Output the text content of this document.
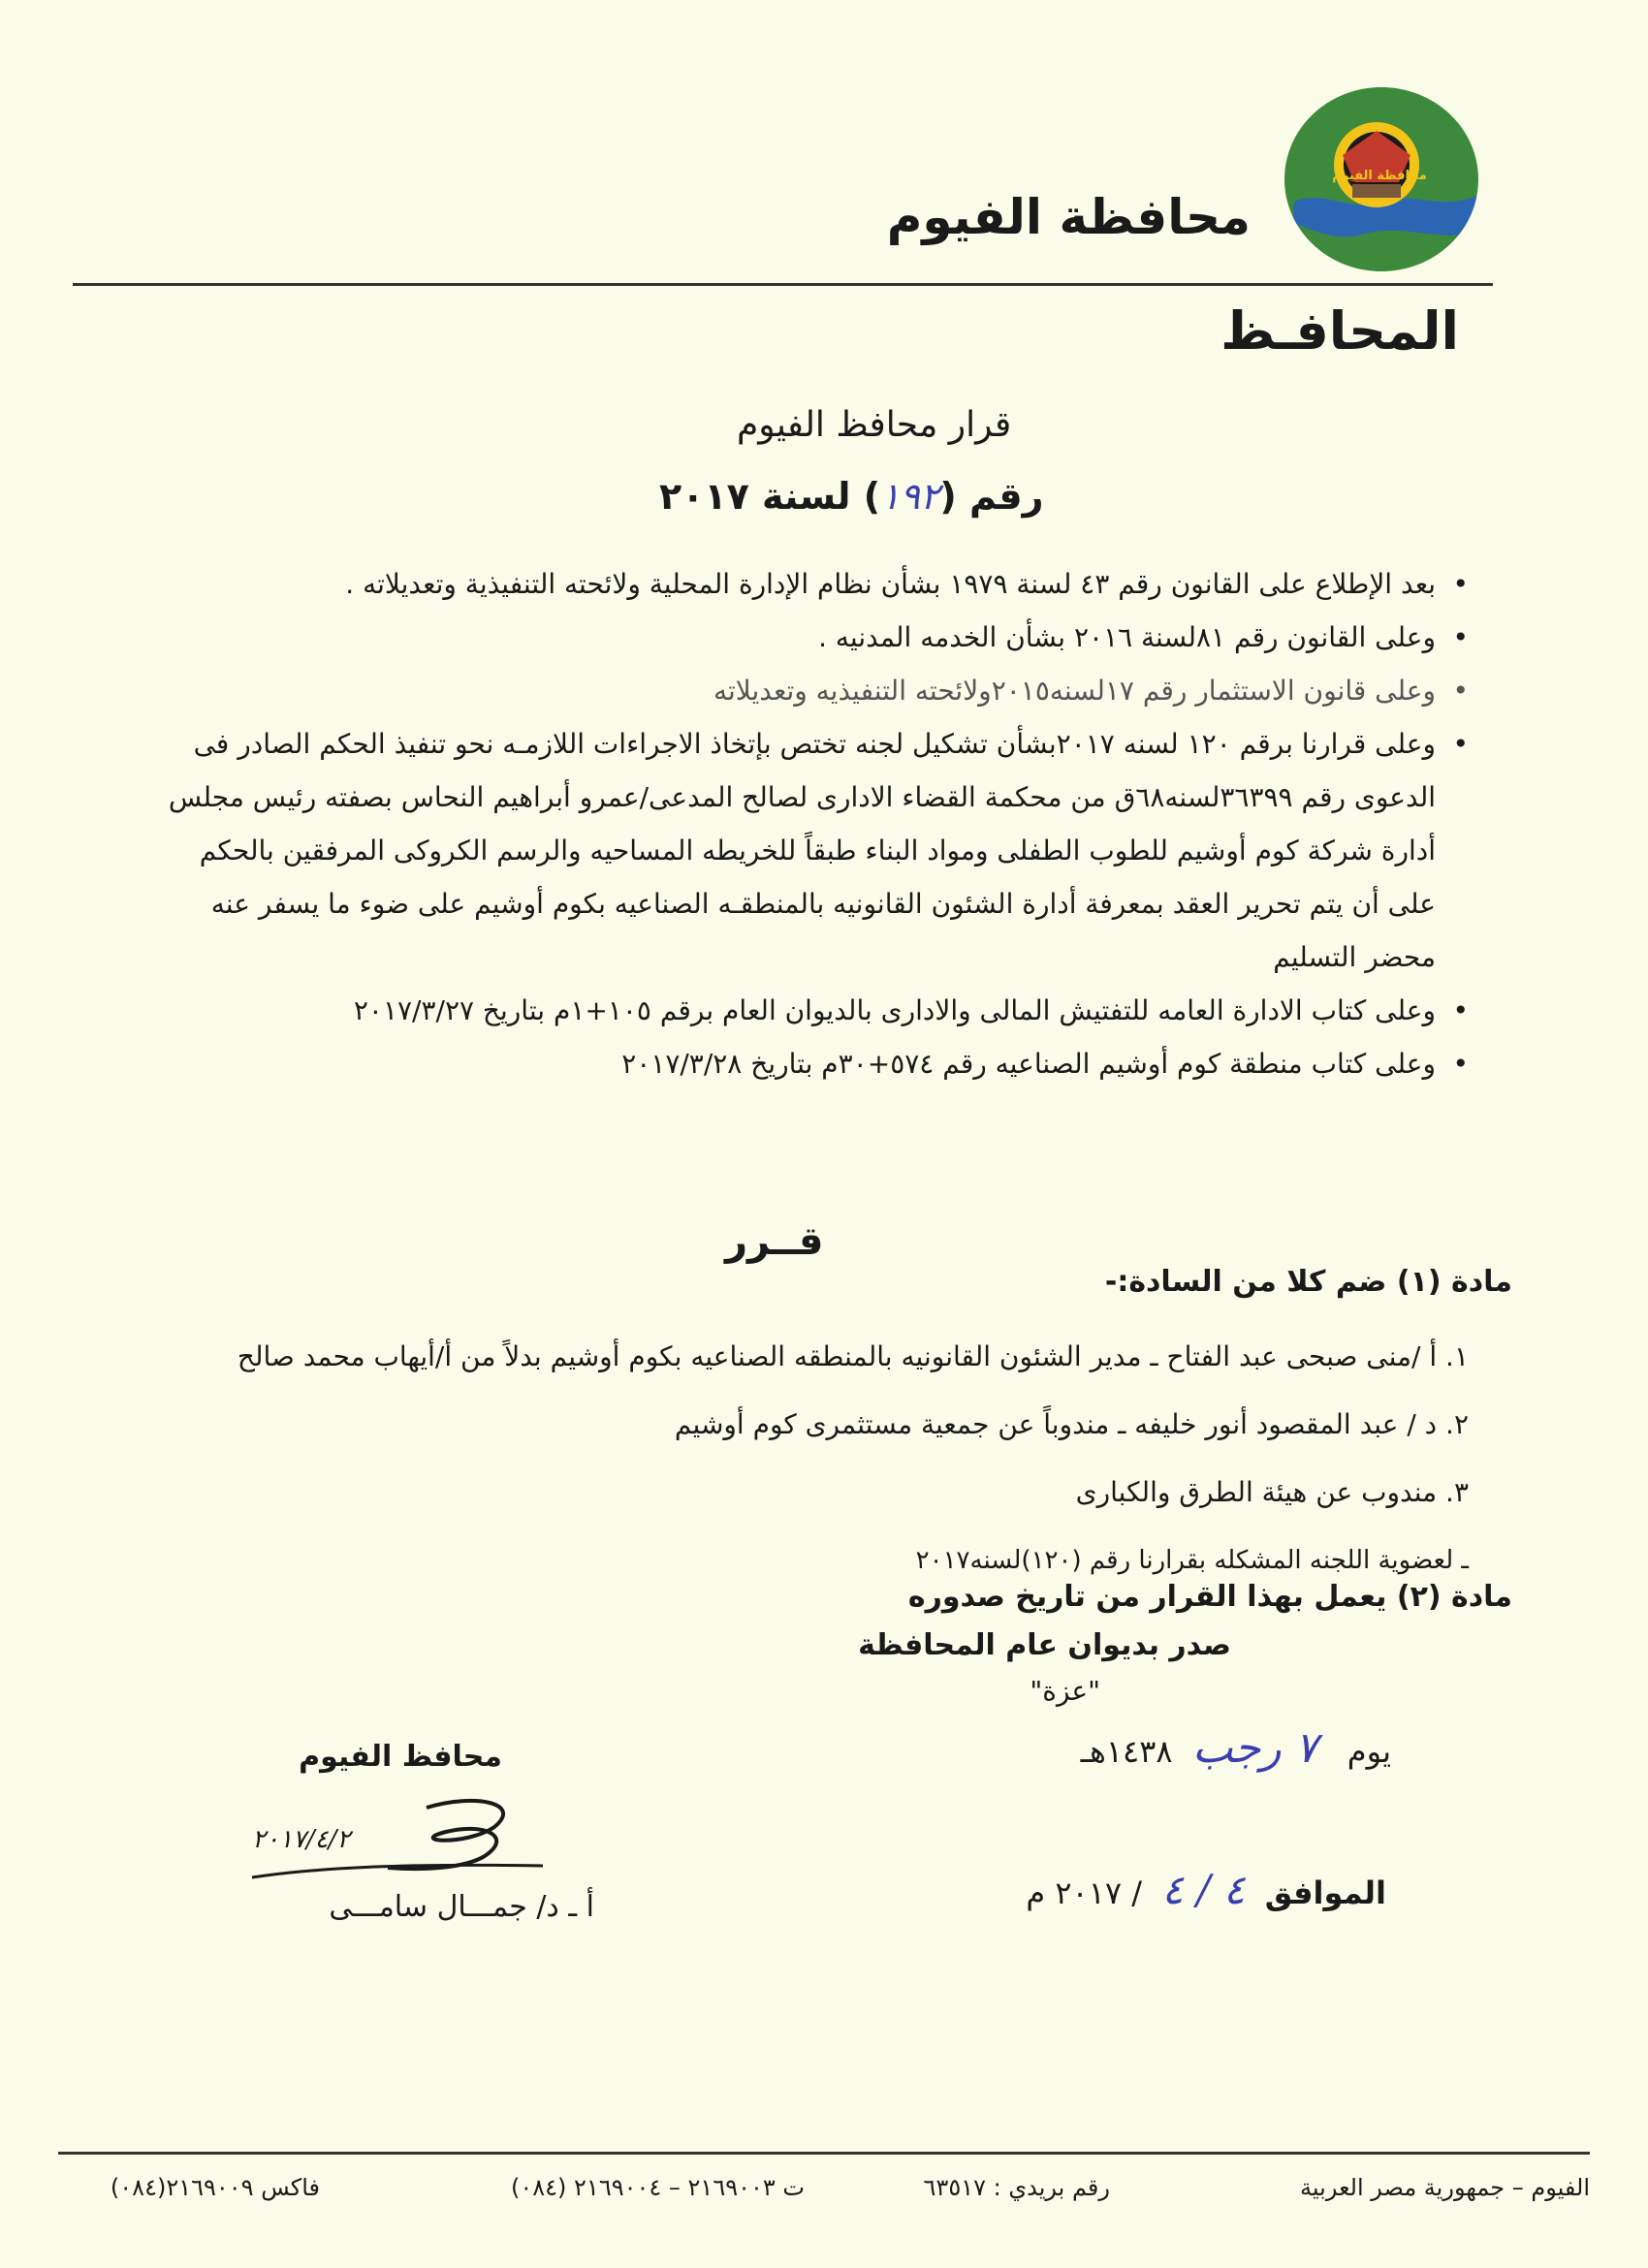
محافظة الفيوم
محافظة الفيوم
المحافـظ
قرار محافظ الفيوم
رقم (١٩٢) لسنة ٢٠١٧
• بعد الإطلاع على القانون رقم ٤٣ لسنة ١٩٧٩ بشأن نظام الإدارة المحلية ولائحته التنفيذية وتعديلاته .
• وعلى القانون رقم ٨١لسنة ٢٠١٦ بشأن الخدمه المدنيه .
• وعلى قانون الاستثمار رقم ١٧لسنه٢٠١٥ولائحته التنفيذيه وتعديلاته
• وعلى قرارنا برقم ١٢٠ لسنه ٢٠١٧بشأن تشكيل لجنه تختص بإتخاذ الاجراءات اللازمـه نحو تنفيذ الحكم الصادر فى الدعوى رقم ٣٦٣٩٩لسنه٦٨ق من محكمة القضاء الادارى لصالح المدعى/عمرو أبراهيم النحاس بصفته رئيس مجلس أدارة شركة كوم أوشيم للطوب الطفلى ومواد البناء طبقاً للخريطه المساحيه والرسم الكروكى المرفقين بالحكم على أن يتم تحرير العقد بمعرفة أدارة الشئون القانونيه بالمنطقـه الصناعيه بكوم أوشيم على ضوء ما يسفر عنه محضر التسليم
• وعلى كتاب الادارة العامه للتفتيش المالى والادارى بالديوان العام برقم ١٠٥+١م بتاريخ ٢٠١٧/٣/٢٧
• وعلى كتاب منطقة كوم أوشيم الصناعيه رقم ٥٧٤+٣٠م بتاريخ ٢٠١٧/٣/٢٨
قــرر
مادة (١) ضم كلا من السادة:-
١. أ /منى صبحى عبد الفتاح ـ مدير الشئون القانونيه بالمنطقه الصناعيه بكوم أوشيم بدلاً من أ/أيهاب محمد صالح
٢. د / عبد المقصود أنور خليفه ـ مندوباً عن جمعية مستثمرى كوم أوشيم
٣. مندوب عن هيئة الطرق والكبارى
ـ لعضوية اللجنه المشكله بقرارنا رقم (١٢٠)لسنه٢٠١٧
مادة (٢) يعمل بهذا القرار من تاريخ صدوره
صدر بديوان عام المحافظة
"عزة"
يوم   ٧ رجب  ١٤٣٨هـ
الموافق  ٤ / ٤  / ٢٠١٧ م
محافظ الفيوم
٢٠١٧/٤/٢
أ ـ د/ جمـــال سامـــى
الفيوم – جمهورية مصر العربية
رقم بريدي : ٦٣٥١٧
ت ٢١٦٩٠٠٣ – ٢١٦٩٠٠٤ (٠٨٤)
فاكس ٢١٦٩٠٠٩(٠٨٤)
